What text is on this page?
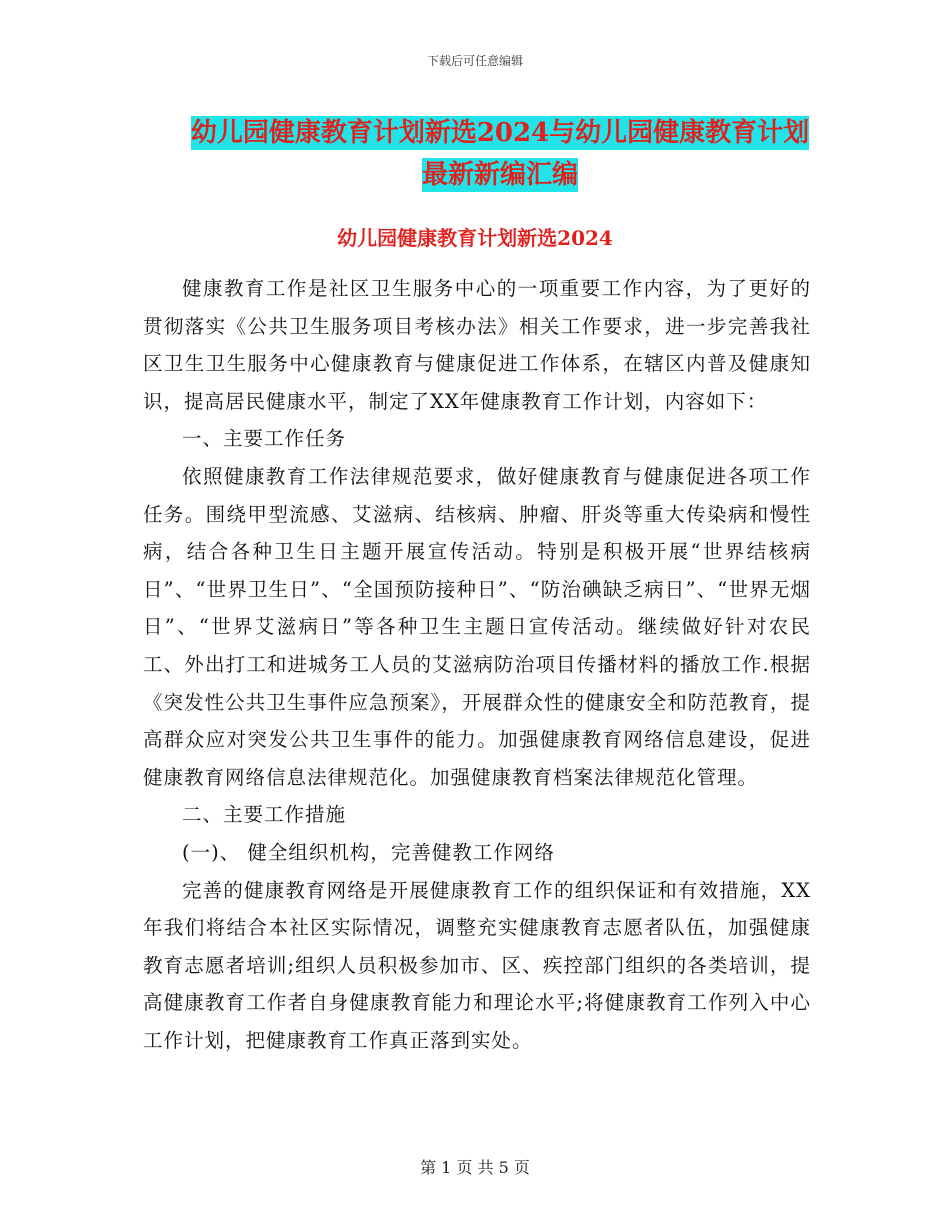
下载后可任意编辑
幼儿园健康教育计划新选2024与幼儿园健康教育计划
最新新编汇编
幼儿园健康教育计划新选2024

健康教育工作是社区卫生服务中心的一项重要工作内容，为了更好的贯彻落实《公共卫生服务项目考核办法》相关工作要求，进一步完善我社区卫生卫生服务中心健康教育与健康促进工作体系，在辖区内普及健康知识，提高居民健康水平，制定了XX年健康教育工作计划，内容如下：

一、主要工作任务

依照健康教育工作法律规范要求，做好健康教育与健康促进各项工作任务。围绕甲型流感、艾滋病、结核病、肿瘤、肝炎等重大传染病和慢性病，结合各种卫生日主题开展宣传活动。特别是积极开展“世界结核病日”、“世界卫生日”、“全国预防接种日”、“防治碘缺乏病日”、“世界无烟日”、“世界艾滋病日”等各种卫生主题日宣传活动。继续做好针对农民工、外出打工和进城务工人员的艾滋病防治项目传播材料的播放工作.根据《突发性公共卫生事件应急预案》，开展群众性的健康安全和防范教育，提高群众应对突发公共卫生事件的能力。加强健康教育网络信息建设，促进健康教育网络信息法律规范化。加强健康教育档案法律规范化管理。

二、主要工作措施

(一)、 健全组织机构，完善健教工作网络

完善的健康教育网络是开展健康教育工作的组织保证和有效措施，XX年我们将结合本社区实际情况，调整充实健康教育志愿者队伍，加强健康教育志愿者培训;组织人员积极参加市、区、疾控部门组织的各类培训，提高健康教育工作者自身健康教育能力和理论水平;将健康教育工作列入中心工作计划，把健康教育工作真正落到实处。

第 1 页 共 5 页
